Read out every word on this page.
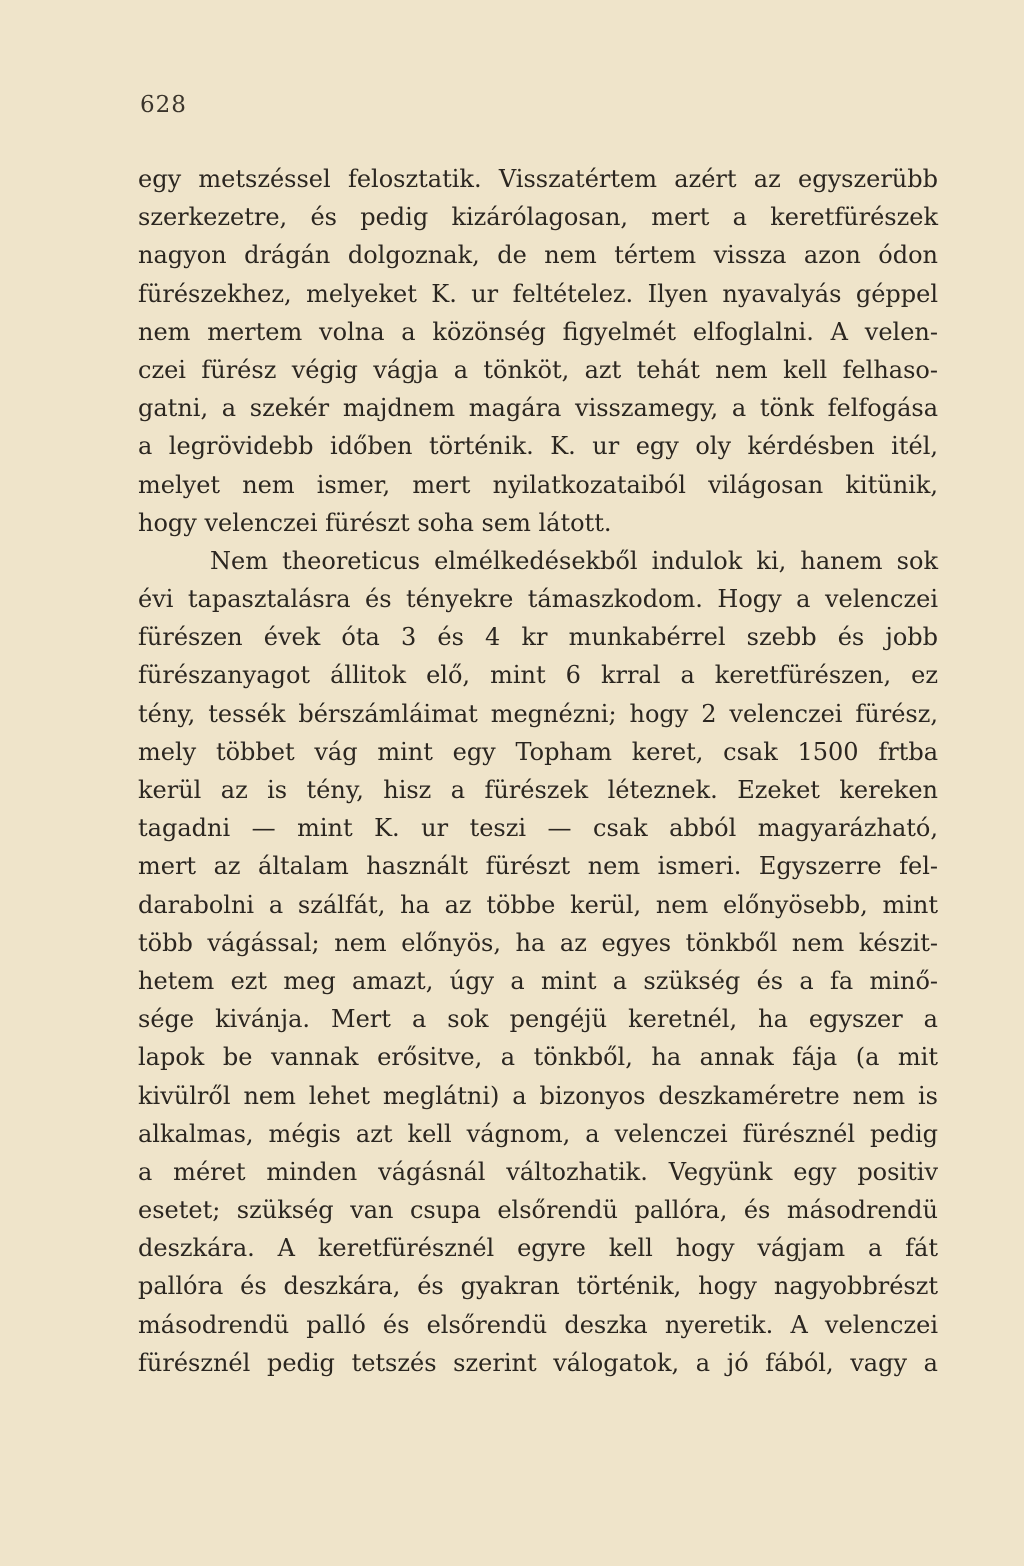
628
egy metszéssel felosztatik. Visszatértem azért az egyszerübb
szerkezetre, és pedig kizárólagosan, mert a keretfürészek
nagyon drágán dolgoznak, de nem tértem vissza azon ódon
fürészekhez, melyeket K. ur feltételez. Ilyen nyavalyás géppel
nem mertem volna a közönség figyelmét elfoglalni. A velen-
czei fürész végig vágja a tönköt, azt tehát nem kell felhaso-
gatni, a szekér majdnem magára visszamegy, a tönk felfogása
a legrövidebb időben történik. K. ur egy oly kérdésben itél,
melyet nem ismer, mert nyilatkozataiból világosan kitünik,
hogy velenczei fürészt soha sem látott.
Nem theoreticus elmélkedésekből indulok ki, hanem sok
évi tapasztalásra és tényekre támaszkodom. Hogy a velenczei
fürészen évek óta 3 és 4 kr munkabérrel szebb és jobb
fürészanyagot állitok elő, mint 6 krral a keretfürészen, ez
tény, tessék bérszámláimat megnézni; hogy 2 velenczei fürész,
mely többet vág mint egy Topham keret, csak 1500 frtba
kerül az is tény, hisz a fürészek léteznek. Ezeket kereken
tagadni — mint K. ur teszi — csak abból magyarázható,
mert az általam használt fürészt nem ismeri. Egyszerre fel-
darabolni a szálfát, ha az többe kerül, nem előnyösebb, mint
több vágással; nem előnyös, ha az egyes tönkből nem készit-
hetem ezt meg amazt, úgy a mint a szükség és a fa minő-
sége kivánja. Mert a sok pengéjü keretnél, ha egyszer a
lapok be vannak erősitve, a tönkből, ha annak fája (a mit
kivülről nem lehet meglátni) a bizonyos deszkaméretre nem is
alkalmas, mégis azt kell vágnom, a velenczei fürésznél pedig
a méret minden vágásnál változhatik. Vegyünk egy positiv
esetet; szükség van csupa elsőrendü pallóra, és másodrendü
deszkára. A keretfürésznél egyre kell hogy vágjam a fát
pallóra és deszkára, és gyakran történik, hogy nagyobbrészt
másodrendü palló és elsőrendü deszka nyeretik. A velenczei
fürésznél pedig tetszés szerint válogatok, a jó fából, vagy a
